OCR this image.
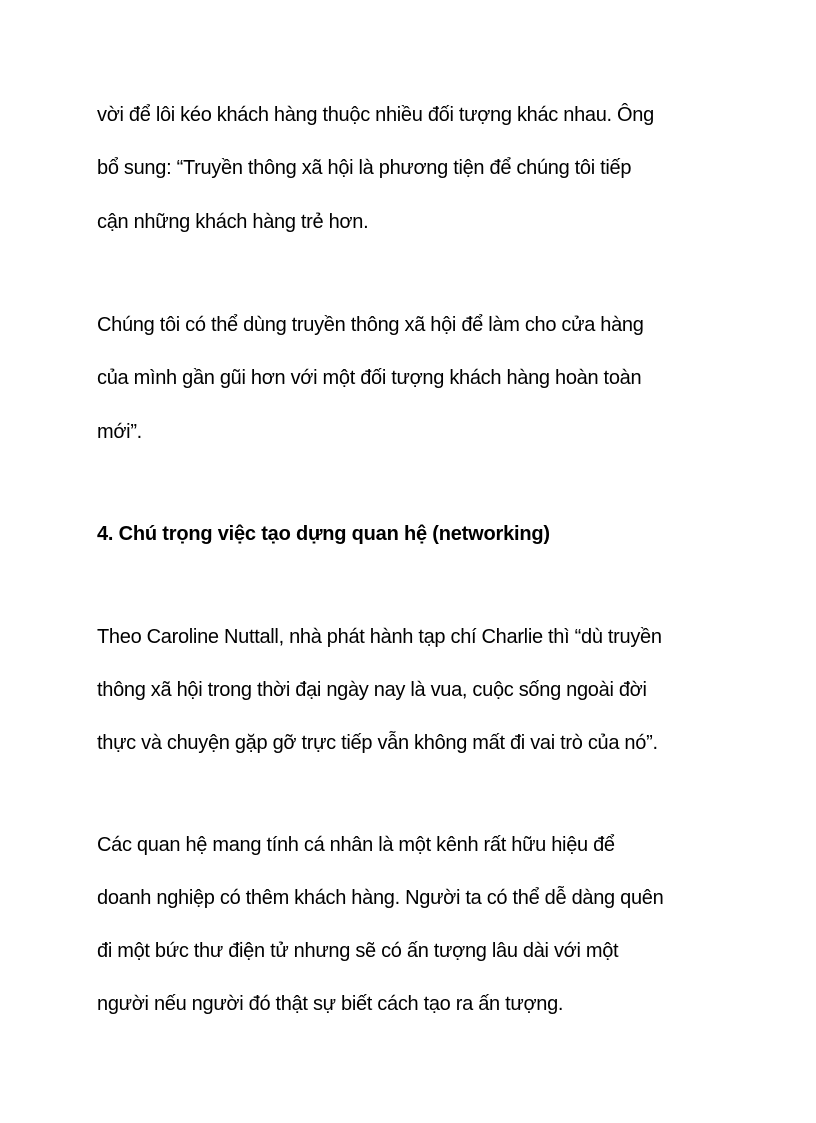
vời để lôi kéo khách hàng thuộc nhiều đối tượng khác nhau. Ông
bổ sung: “Truyền thông xã hội là phương tiện để chúng tôi tiếp
cận những khách hàng trẻ hơn.
Chúng tôi có thể dùng truyền thông xã hội để làm cho cửa hàng
của mình gần gũi hơn với một đối tượng khách hàng hoàn toàn
mới”.
4. Chú trọng việc tạo dựng quan hệ (networking)
Theo Caroline Nuttall, nhà phát hành tạp chí Charlie thì “dù truyền
thông xã hội trong thời đại ngày nay là vua, cuộc sống ngoài đời
thực và chuyện gặp gỡ trực tiếp vẫn không mất đi vai trò của nó”.
Các quan hệ mang tính cá nhân là một kênh rất hữu hiệu để
doanh nghiệp có thêm khách hàng. Người ta có thể dễ dàng quên
đi một bức thư điện tử nhưng sẽ có ấn tượng lâu dài với một
người nếu người đó thật sự biết cách tạo ra ấn tượng.
